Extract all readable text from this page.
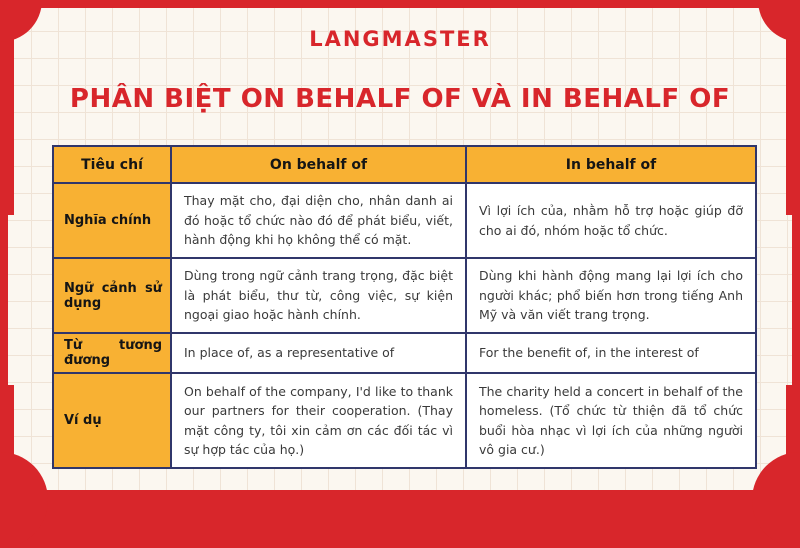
LANGMASTER
PHÂN BIỆT ON BEHALF OF VÀ IN BEHALF OF
Tiêu chí	On behalf of	In behalf of
Nghĩa chính	Thay mặt cho, đại diện cho, nhân danh ai đó hoặc tổ chức nào đó để phát biểu, viết, hành động khi họ không thể có mặt.	Vì lợi ích của, nhằm hỗ trợ hoặc giúp đỡ cho ai đó, nhóm hoặc tổ chức.
Ngữ cảnh sử dụng	Dùng trong ngữ cảnh trang trọng, đặc biệt là phát biểu, thư từ, công việc, sự kiện ngoại giao hoặc hành chính.	Dùng khi hành động mang lại lợi ích cho người khác; phổ biến hơn trong tiếng Anh Mỹ và văn viết trang trọng.
Từ tương đương	In place of, as a representative of	For the benefit of, in the interest of
Ví dụ	On behalf of the company, I'd like to thank our partners for their cooperation. (Thay mặt công ty, tôi xin cảm ơn các đối tác vì sự hợp tác của họ.)	The charity held a concert in behalf of the homeless. (Tổ chức từ thiện đã tổ chức buổi hòa nhạc vì lợi ích của những người vô gia cư.)
